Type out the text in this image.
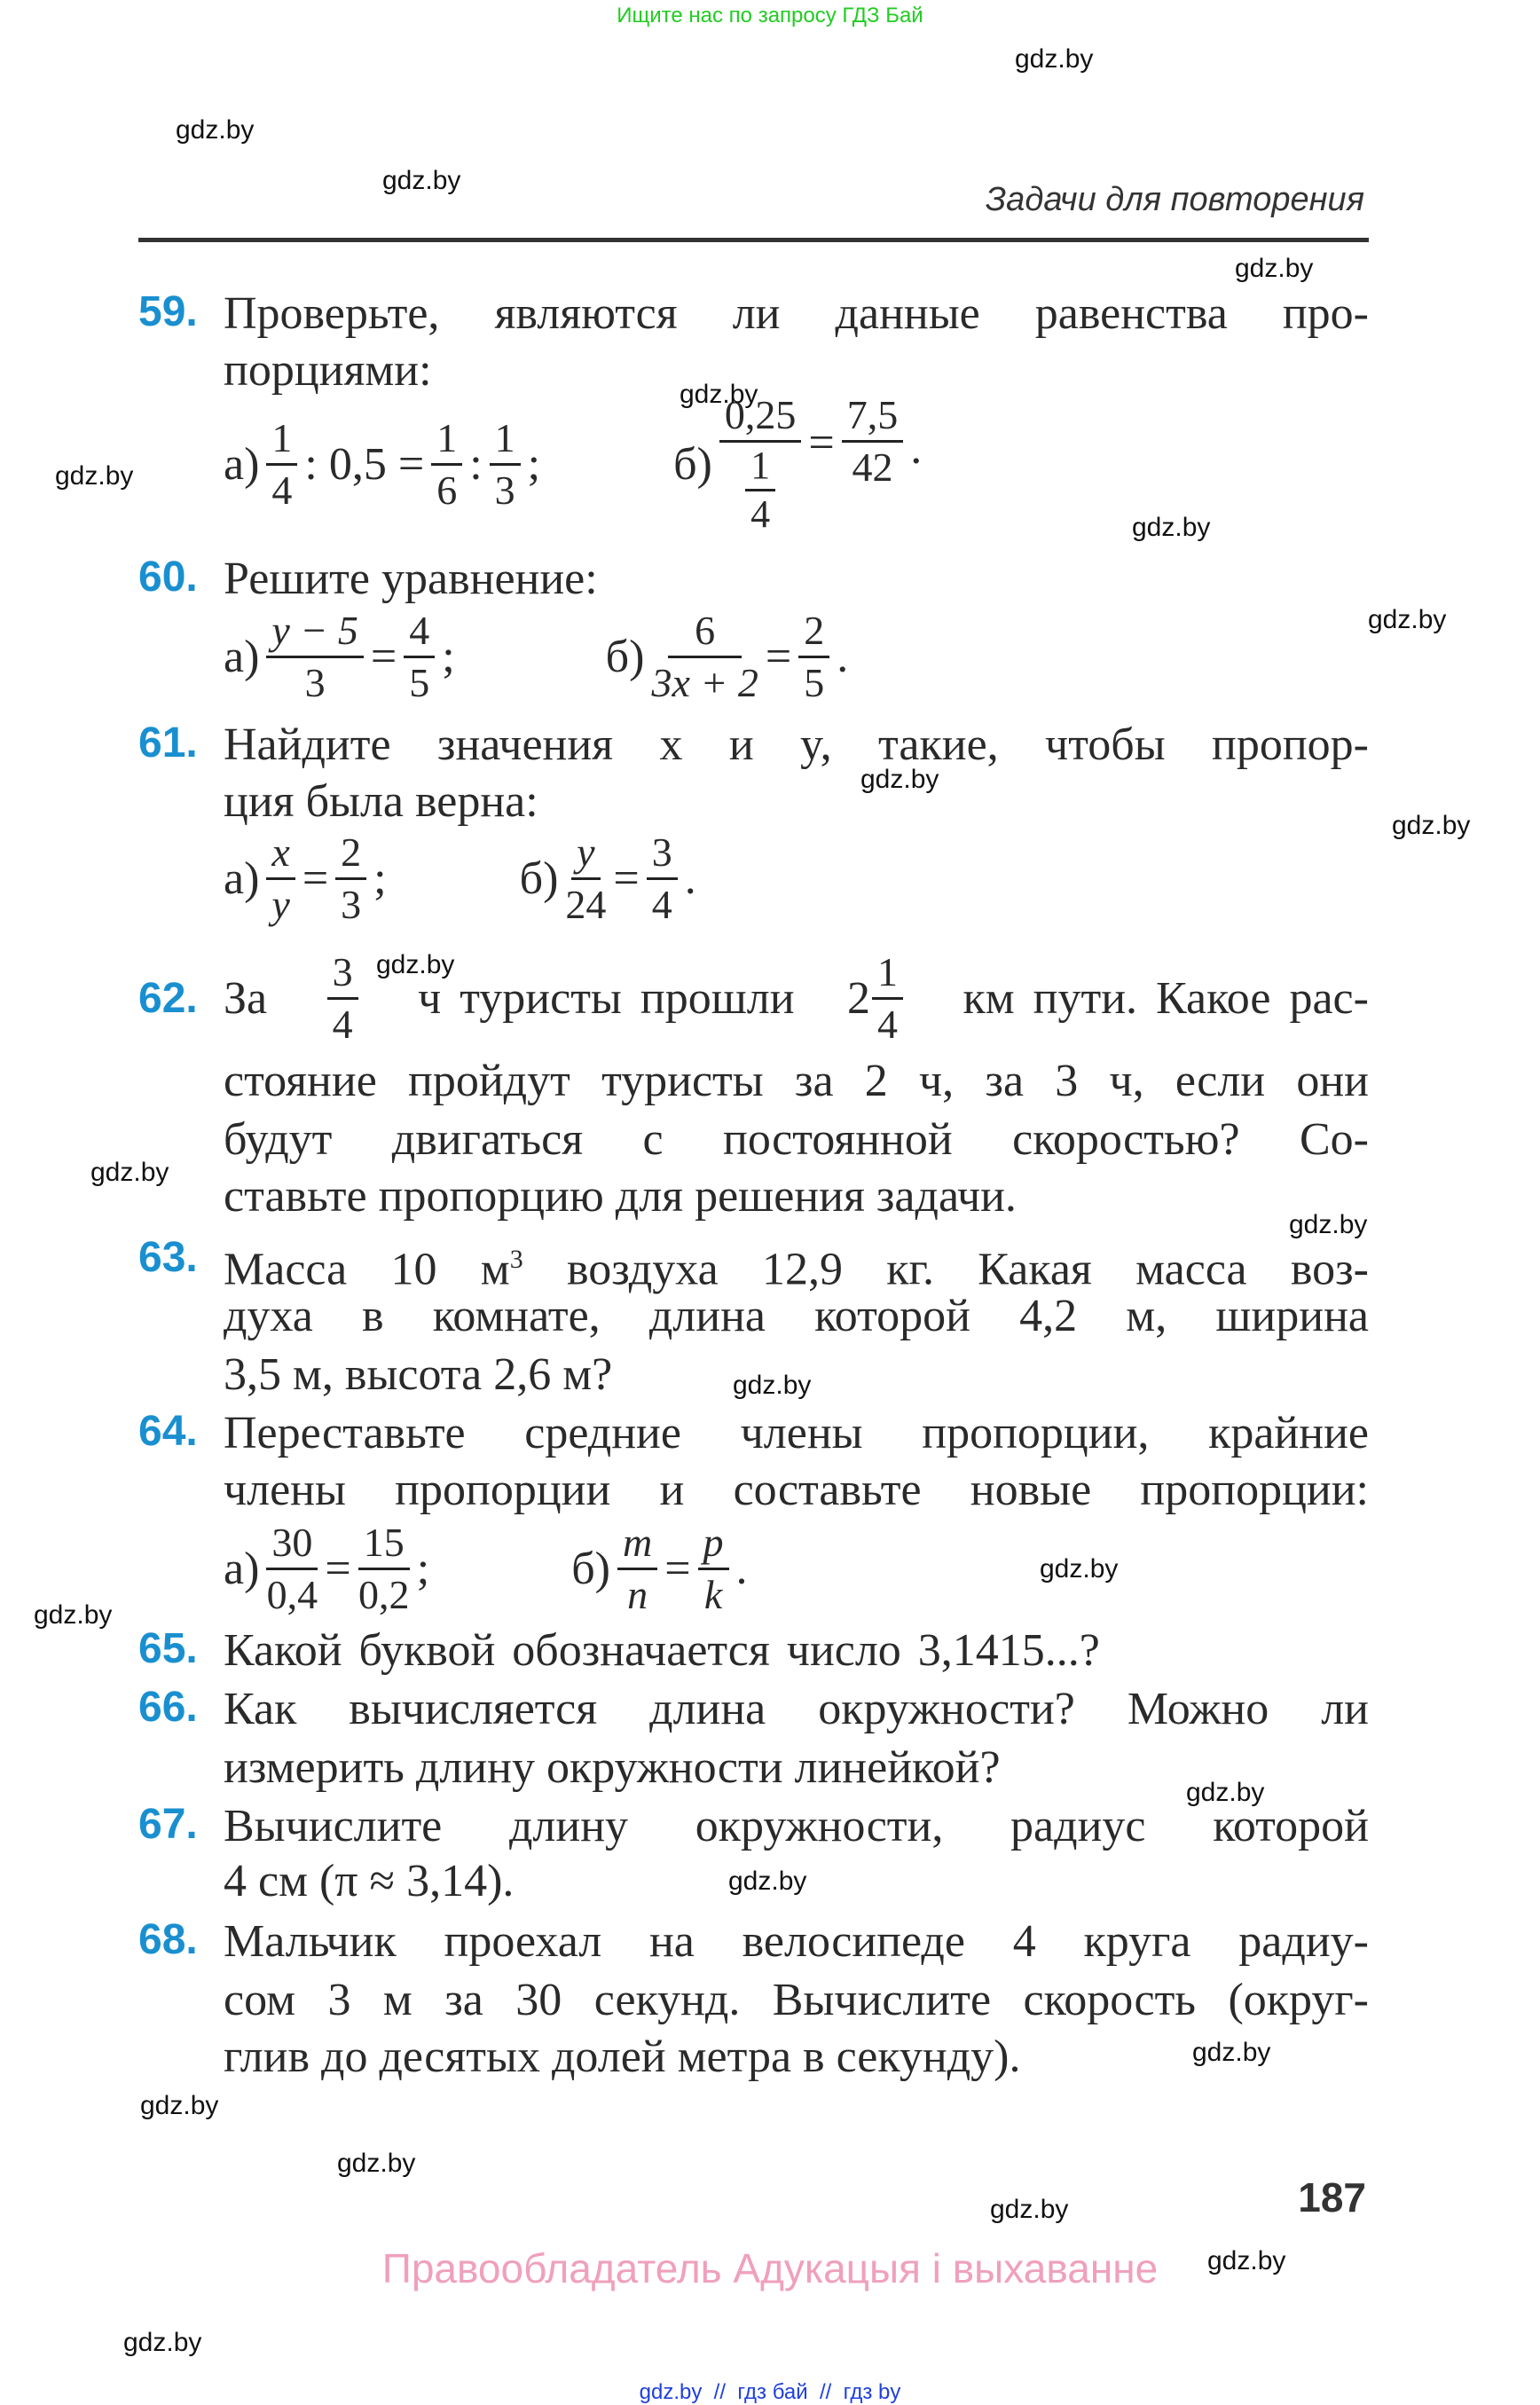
Ищите нас по запросу ГДЗ Бай
Задачи для повторения
59. Проверьте, являются ли данные равенства про-
порциями:
$а) \frac{1}{4}$ : $0,5 = \frac{1}{6}$ : $\frac{1}{3}$ ;	$б) \frac{0,25}{\frac{1}{4}} = \frac{7,5}{42}$ .
60. Решите уравнение:
$а) \frac{y - 5}{3} = \frac{4}{5}$ ;	$б) \frac{6}{3x + 2} = \frac{2}{5}$ .
61. Найдите значения x и y, такие, чтобы пропор-
ция была верна:
$а) \frac{x}{y} = \frac{2}{3}$ ;	$б) \frac{y}{24} = \frac{3}{4}$ .
62. За $\frac{3}{4}$ ч туристы прошли $2 \frac{1}{4}$ км пути. Какое рас-
стояние пройдут туристы за 2 ч, за 3 ч, если они
будут двигаться с постоянной скоростью? Со-
ставьте пропорцию для решения задачи.
63. Масса 10 $м^3$ воздуха 12,9 кг. Какая масса воз-
духа в комнате, длина которой 4,2 м, ширина
3,5 м, высота 2,6 м?
64. Переставьте средние члены пропорции, крайние
члены пропорции и составьте новые пропорции:
$а) \frac{30}{0,4} = \frac{15}{0,2}$ ;	$б) \frac{m}{n} = \frac{p}{k}$ .
65. Какой буквой обозначается число 3,1415...?
66. Как вычисляется длина окружности? Можно ли
измерить длину окружности линейкой?
67. Вычислите длину окружности, радиус которой
4 см (π ≈ 3,14).
68. Мальчик проехал на велосипеде 4 круга радиу-
сом 3 м за 30 секунд. Вычислите скорость (округ-
глив до десятых долей метра в секунду).
gdz.by
gdz.by
gdz.by
gdz.by
gdz.by
gdz.by
gdz.by
gdz.by
gdz.by
gdz.by
gdz.by
gdz.by
gdz.by
gdz.by
gdz.by
gdz.by
gdz.by
gdz.by
gdz.by
gdz.by
gdz.by
gdz.by
gdz.by
gdz.by
187
Правообладатель Адукацыя і выхаванне
gdz.by  //  гдз бай  //  гдз by
